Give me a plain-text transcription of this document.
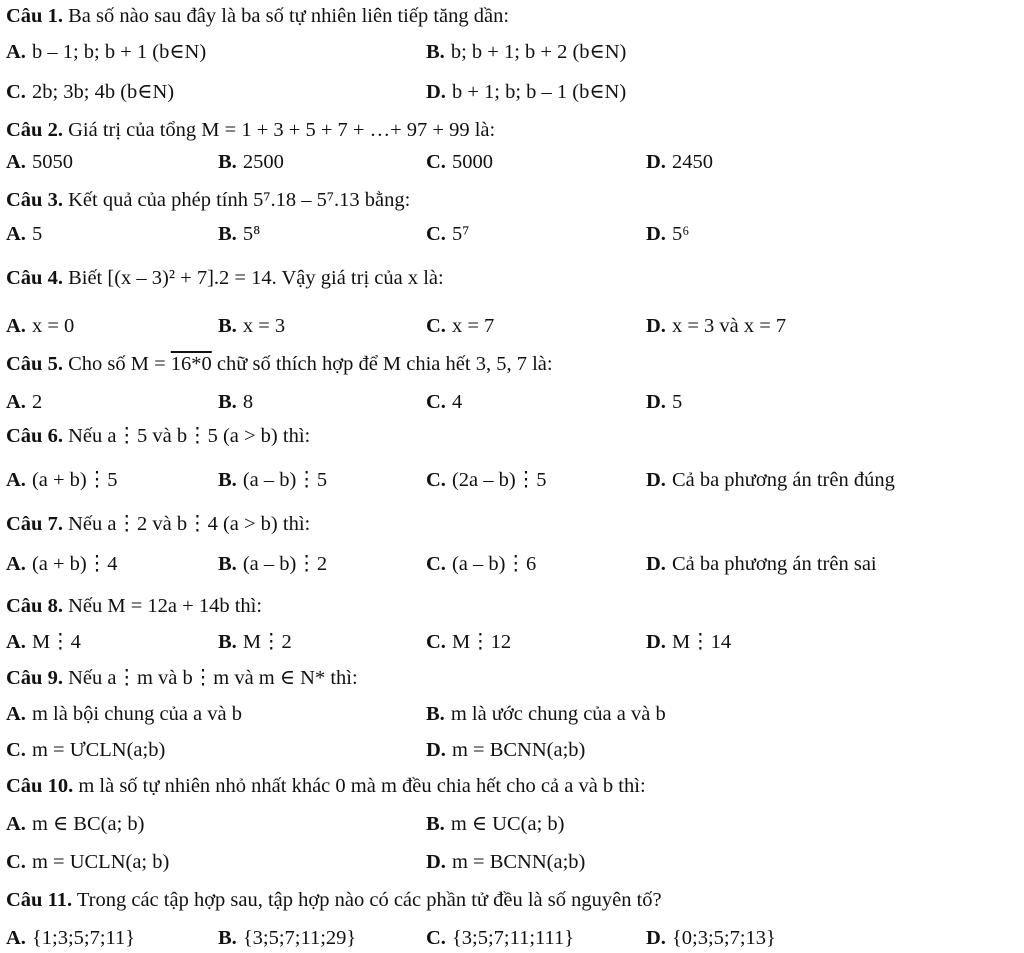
Câu 1. Ba số nào sau đây là ba số tự nhiên liên tiếp tăng dần:
A. b – 1; b; b + 1 (b∈N)	B. b; b + 1; b + 2 (b∈N)
C. 2b; 3b; 4b (b∈N)	D. b + 1; b; b – 1 (b∈N)
Câu 2. Giá trị của tổng M = 1 + 3 + 5 + 7 + …+ 97 + 99 là:
A. 5050	B. 2500	C. 5000	D. 2450
Câu 3. Kết quả của phép tính 5⁷.18 – 5⁷.13 bằng:
A. 5	B. 5⁸	C. 5⁷	D. 5⁶
Câu 4. Biết [(x – 3)² + 7].2 = 14. Vậy giá trị của x là:
A. x = 0	B. x = 3	C. x = 7	D. x = 3 và x = 7
Câu 5. Cho số M = 16*0 chữ số thích hợp để M chia hết 3, 5, 7 là:
A. 2	B. 8	C. 4	D. 5
Câu 6. Nếu a⋮5 và b⋮5 (a > b) thì:
A. (a + b)⋮5	B. (a – b)⋮5	C. (2a – b)⋮5	D. Cả ba phương án trên đúng
Câu 7. Nếu a⋮2 và b⋮4 (a > b) thì:
A. (a + b)⋮4	B. (a – b)⋮2	C. (a – b)⋮6	D. Cả ba phương án trên sai
Câu 8. Nếu M = 12a + 14b thì:
A. M⋮4	B. M⋮2	C. M⋮12	D. M⋮14
Câu 9. Nếu a⋮m và b⋮m và m ∈ N* thì:
A. m là bội chung của a và b	B. m là ước chung của a và b
C. m = ƯCLN(a;b)	D. m = BCNN(a;b)
Câu 10. m là số tự nhiên nhỏ nhất khác 0 mà m đều chia hết cho cả a và b thì:
A. m ∈ BC(a; b)	B. m ∈ UC(a; b)
C. m = UCLN(a; b)	D. m = BCNN(a;b)
Câu 11. Trong các tập hợp sau, tập hợp nào có các phần tử đều là số nguyên tố?
A. {1;3;5;7;11}	B. {3;5;7;11;29}	C. {3;5;7;11;111}	D. {0;3;5;7;13}
